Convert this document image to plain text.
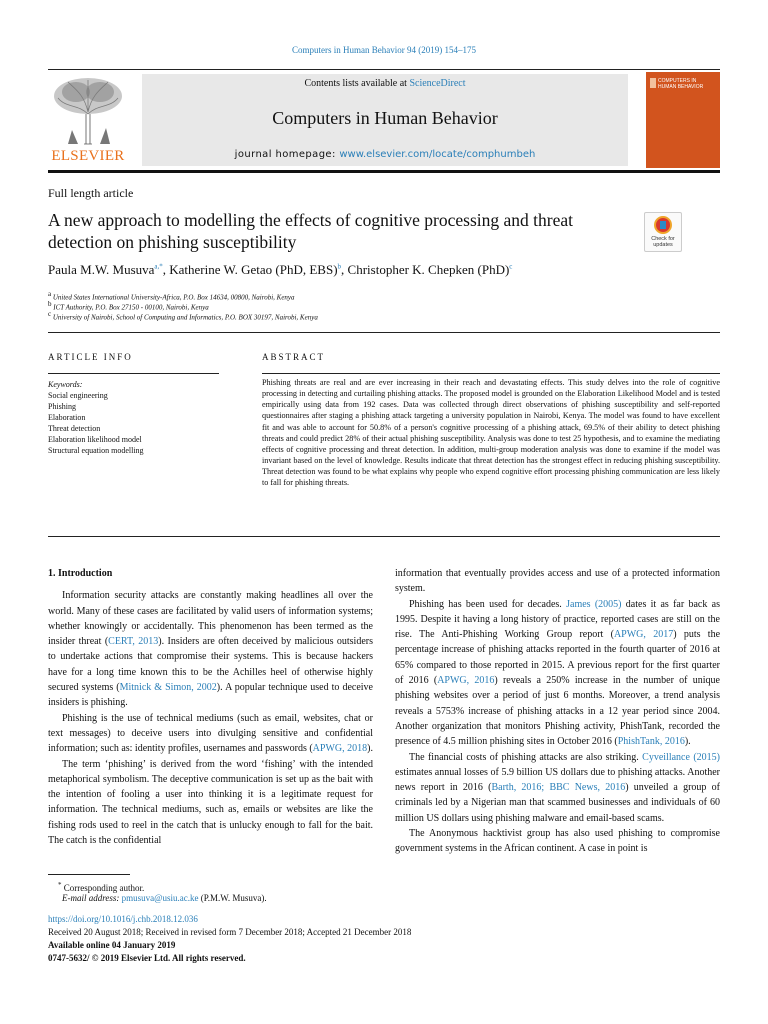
Computers in Human Behavior 94 (2019) 154–175
ELSEVIER
Contents lists available at ScienceDirect
Computers in Human Behavior
journal homepage: www.elsevier.com/locate/comphumbeh
COMPUTERS IN
HUMAN BEHAVIOR
Full length article
A new approach to modelling the effects of cognitive processing and threat detection on phishing susceptibility	Check for
updates
Paula M.W. Musuva$^{a,*}$, Katherine W. Getao (PhD, EBS)$^b$, Christopher K. Chepken (PhD)$^c$
$^a$ United States International University-Africa, P.O. Box 14634, 00800, Nairobi, Kenya
$^b$ ICT Authority, P.O. Box 27150 - 00100, Nairobi, Kenya
$^c$ University of Nairobi, School of Computing and Informatics, P.O. BOX 30197, Nairobi, Kenya
ARTICLE INFO	ABSTRACT
Keywords:
Social engineering
Phishing
Elaboration
Threat detection
Elaboration likelihood model
Structural equation modelling
Phishing threats are real and are ever increasing in their reach and devastating effects. This study delves into the role of cognitive processing in detecting and curtailing phishing attacks. The proposed model is grounded on the Elaboration Likelihood Model and is tested empirically using data from 192 cases. Data was collected through direct observations of phishing susceptibility and self-reported questionnaires after staging a phishing attack targeting a university population in Nairobi, Kenya. The model was found to have excellent fit and was able to account for 50.8% of a person's cognitive processing of a phishing attack, 69.5% of their ability to detect phishing threats and could predict 28% of their actual phishing susceptibility. Analysis was done to test 25 hypothesis, and to examine the mediating effects of cognitive processing and threat detection. In addition, multi-group moderation analysis was done to examine if the model was invariant based on the level of knowledge. Results indicate that threat detection has the strongest effect in reducing phishing susceptibility. Threat detection was found to be what explains why people who expend cognitive effort processing phishing communication are less likely to fall for phishing threats.
1. Introduction

Information security attacks are constantly making headlines all over the world. Many of these cases are facilitated by valid users of information systems; whether knowingly or accidentally. This phenomenon has been termed as the insider threat (CERT, 2013). Insiders are often deceived by malicious outsiders to undertake actions that compromise their systems. This is because hackers have for a long time known this to be the Achilles heel of otherwise highly secured systems (Mitnick & Simon, 2002). A popular technique used to deceive insiders is phishing.

Phishing is the use of technical mediums (such as email, websites, chat or text messages) to deceive users into divulging sensitive and confidential information; such as: identity profiles, usernames and passwords (APWG, 2018).

The term ‘phishing’ is derived from the word ‘fishing’ with the intended metaphorical symbolism. The deceptive communication is set up as the bait with the intention of fooling a user into thinking it is a legitimate request for information. The technical mediums, such as, emails or websites are like the fishing rods used to reel in the catch that is unlucky enough to fall for the bait. The catch is the confidential

information that eventually provides access and use of a protected information system.

Phishing has been used for decades. James (2005) dates it as far back as 1995. Despite it having a long history of practice, reported cases are still on the rise. The Anti-Phishing Working Group report (APWG, 2017) puts the percentage increase of phishing attacks reported in the fourth quarter of 2016 at 65% compared to those reported in 2015. A previous report for the first quarter of 2016 (APWG, 2016) reveals a 250% increase in the number of unique phishing websites over a period of just 6 months. Moreover, a trend analysis reveals a 5753% increase of phishing attacks in a 12 year period since 2004. Another organization that monitors Phishing activity, PhishTank, recorded the presence of 4.5 million phishing sites in October 2016 (PhishTank, 2016).

The financial costs of phishing attacks are also striking. Cyveillance (2015) estimates annual losses of 5.9 billion US dollars due to phishing attacks. Another news report in 2016 (Barth, 2016; BBC News, 2016) unveiled a group of criminals led by a Nigerian man that scammed businesses and individuals of 60 million US dollars using phishing malware and email-based scams.

The Anonymous hacktivist group has also used phishing to compromise government systems in the African continent. A case in point is

* Corresponding author.
E-mail address: pmusuva@usiu.ac.ke (P.M.W. Musuva).
https://doi.org/10.1016/j.chb.2018.12.036
Received 20 August 2018; Received in revised form 7 December 2018; Accepted 21 December 2018
Available online 04 January 2019
0747-5632/ © 2019 Elsevier Ltd. All rights reserved.
